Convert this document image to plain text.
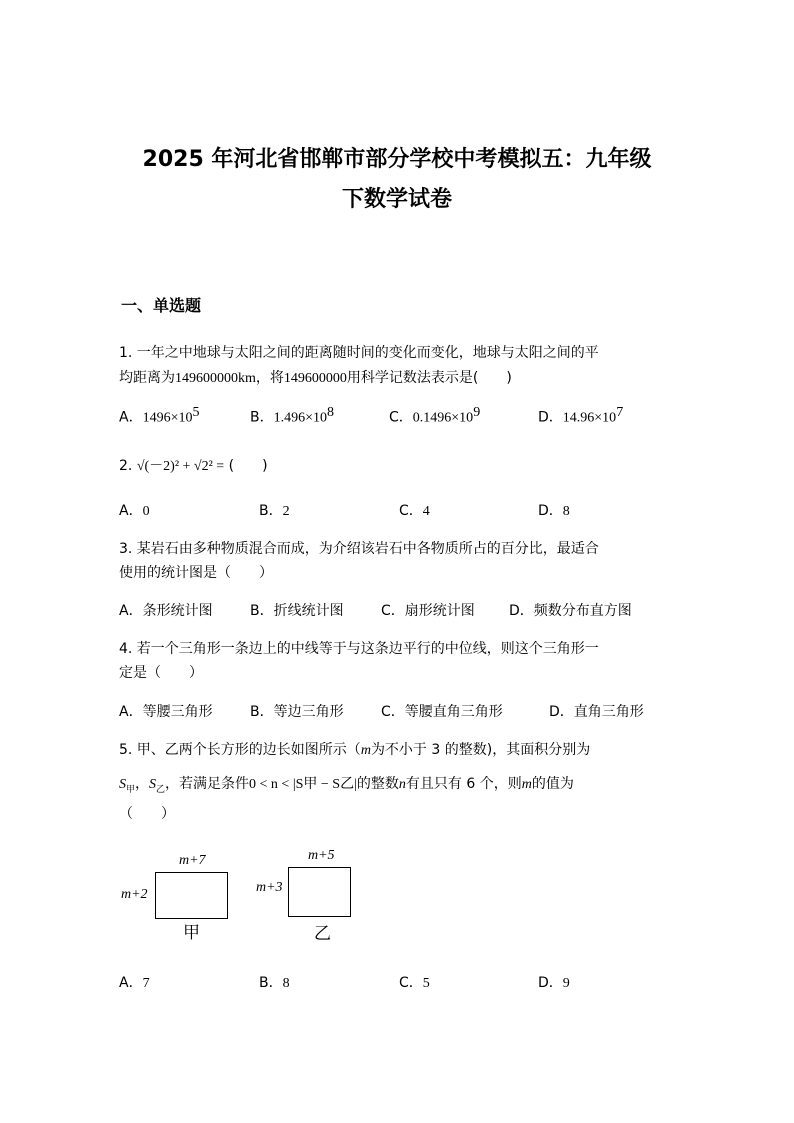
2025 年河北省邯郸市部分学校中考模拟五：九年级
下数学试卷
一、单选题
1. 一年之中地球与太阳之间的距离随时间的变化而变化，地球与太阳之间的平
均距离为149600000km，将149600000用科学记数法表示是(　　)
A．$1496\times 10^5$	B．$1.496\times 10^8$	C．$0.1496\times 10^9$	D．$14.96\times 10^7$
2. √(－2)² + √2² = (　　)
A．0	B．2	C．4	D．8
3. 某岩石由多种物质混合而成，为介绍该岩石中各物质所占的百分比，最适合
使用的统计图是（　　）
A．条形统计图	B．折线统计图	C．扇形统计图 D．频数分布直方图
4. 若一个三角形一条边上的中线等于与这条边平行的中位线，则这个三角形一
定是（　　）
A．等腰三角形	B．等边三角形	C．等腰直角三角形	D．直角三角形
5. 甲、乙两个长方形的边长如图所示（m为不小于 3 的整数)，其面积分别为
$S_甲$，$S_乙$，若满足条件0 < n < |S甲 − S乙|的整数n有且只有 6 个，则m的值为
（　　）
m+7
m+2
甲
m+5
m+3
乙
A．7	B．8	C．5	D．9
